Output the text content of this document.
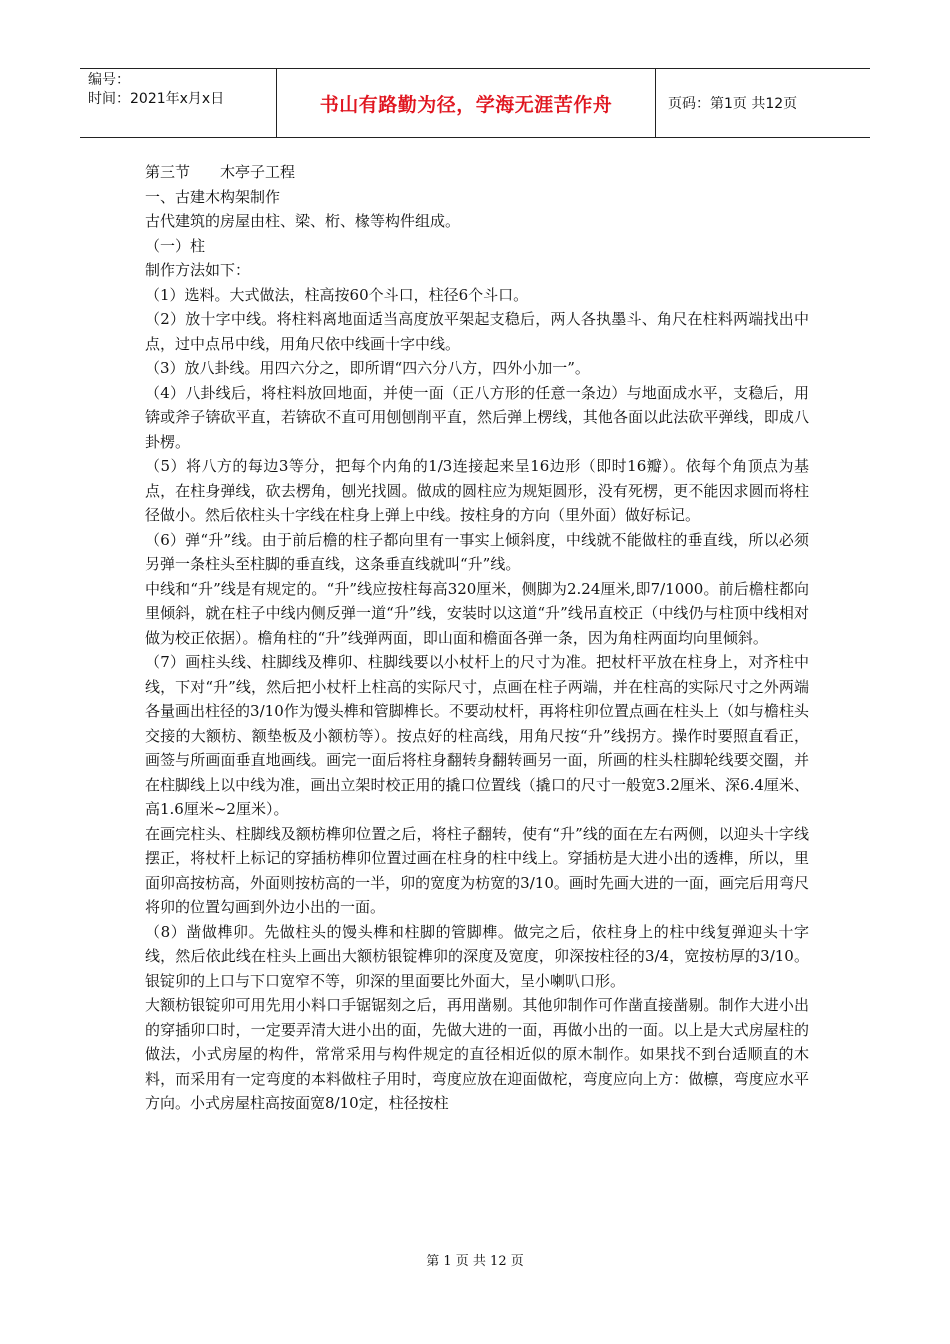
编号：
时间：2021年x月x日	书山有路勤为径，学海无涯苦作舟	页码：第1页 共12页

第三节　　木亭子工程

一、古建木构架制作

古代建筑的房屋由柱、梁、桁、椽等构件组成。

（一）柱

制作方法如下：

（1）选料。大式做法，柱高按60个斗口，柱径6个斗口。

（2）放十字中线。将柱料离地面适当高度放平架起支稳后，两人各执墨斗、角尺在柱料两端找出中点，过中点吊中线，用角尺依中线画十字中线。

（3）放八卦线。用四六分之，即所谓“四六分八方，四外小加一”。

（4）八卦线后，将柱料放回地面，并使一面（正八方形的任意一条边）与地面成水平，支稳后，用锛或斧子锛砍平直，若锛砍不直可用刨刨削平直，然后弹上楞线，其他各面以此法砍平弹线，即成八卦楞。

（5）将八方的每边3等分，把每个内角的1/3连接起来呈16边形（即时16瓣）。依每个角顶点为基点，在柱身弹线，砍去楞角，刨光找圆。做成的圆柱应为规矩圆形，没有死楞，更不能因求圆而将柱径做小。然后依柱头十字线在柱身上弹上中线。按柱身的方向（里外面）做好标记。

（6）弹“升”线。由于前后檐的柱子都向里有一事实上倾斜度，中线就不能做柱的垂直线，所以必须另弹一条柱头至柱脚的垂直线，这条垂直线就叫“升”线。

中线和“升”线是有规定的。“升”线应按柱每高320厘米，侧脚为2.24厘米,即7/1000。前后檐柱都向里倾斜，就在柱子中线内侧反弹一道“升”线，安装时以这道“升”线吊直校正（中线仍与柱顶中线相对做为校正依据）。檐角柱的“升”线弹两面，即山面和檐面各弹一条，因为角柱两面均向里倾斜。

（7）画柱头线、柱脚线及榫卯、柱脚线要以小杖杆上的尺寸为准。把杖杆平放在柱身上，对齐柱中线，下对“升”线，然后把小杖杆上柱高的实际尺寸，点画在柱子两端，并在柱高的实际尺寸之外两端各量画出柱径的3/10作为馒头榫和管脚榫长。不要动杖杆，再将柱卯位置点画在柱头上（如与檐柱头交接的大额枋、额垫板及小额枋等）。按点好的柱高线，用角尺按“升”线拐方。操作时要照直看正，画签与所画面垂直地画线。画完一面后将柱身翻转身翻转画另一面，所画的柱头柱脚轮线要交圈，并在柱脚线上以中线为准，画出立架时校正用的撬口位置线（撬口的尺寸一般宽3.2厘米、深6.4厘米、高1.6厘米~2厘米）。

在画完柱头、柱脚线及额枋榫卯位置之后，将柱子翻转，使有“升”线的面在左右两侧，以迎头十字线摆正，将杖杆上标记的穿插枋榫卯位置过画在柱身的柱中线上。穿插枋是大进小出的透榫，所以，里面卯高按枋高，外面则按枋高的一半，卯的宽度为枋宽的3/10。画时先画大进的一面，画完后用弯尺将卯的位置勾画到外边小出的一面。

（8）凿做榫卯。先做柱头的馒头榫和柱脚的管脚榫。做完之后，依柱身上的柱中线复弹迎头十字线，然后依此线在柱头上画出大额枋银锭榫卯的深度及宽度，卯深按柱径的3/4，宽按枋厚的3/10。银锭卯的上口与下口宽窄不等，卯深的里面要比外面大，呈小喇叭口形。

大额枋银锭卯可用先用小料口手锯锯刻之后，再用凿剔。其他卯制作可作凿直接凿剔。制作大进小出的穿插卯口时，一定要弄清大进小出的面，先做大进的一面，再做小出的一面。以上是大式房屋柱的做法，小式房屋的构件，常常采用与构件规定的直径相近似的原木制作。如果找不到台适顺直的木料，而采用有一定弯度的本料做柱子用时，弯度应放在迎面做柁，弯度应向上方：做檩，弯度应水平方向。小式房屋柱高按面宽8/10定，柱径按柱

第 1 页 共 12 页
